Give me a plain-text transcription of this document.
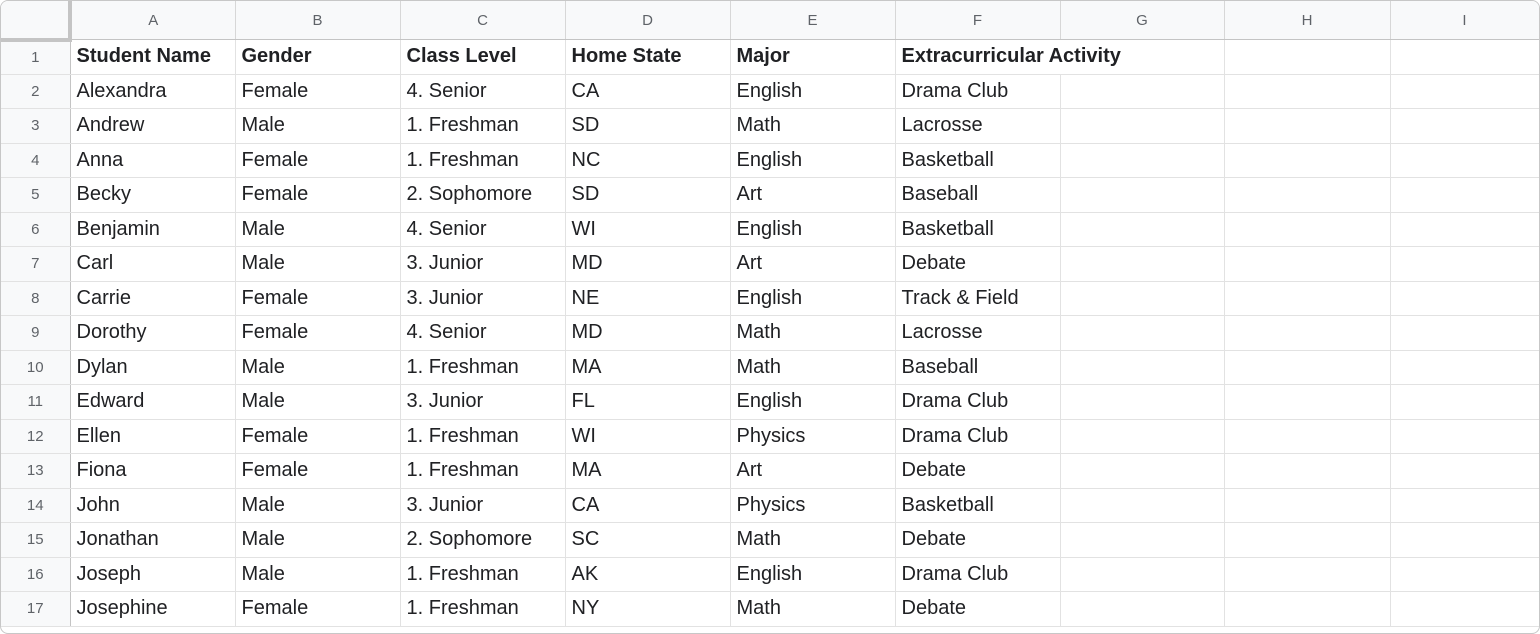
	A	B	C	D	E	F	G	H	I
1	Student Name	Gender	Class Level	Home State	Major	Extracurricular Activity			
2	Alexandra	Female	4. Senior	CA	English	Drama Club			
3	Andrew	Male	1. Freshman	SD	Math	Lacrosse			
4	Anna	Female	1. Freshman	NC	English	Basketball			
5	Becky	Female	2. Sophomore	SD	Art	Baseball			
6	Benjamin	Male	4. Senior	WI	English	Basketball			
7	Carl	Male	3. Junior	MD	Art	Debate			
8	Carrie	Female	3. Junior	NE	English	Track & Field			
9	Dorothy	Female	4. Senior	MD	Math	Lacrosse			
10	Dylan	Male	1. Freshman	MA	Math	Baseball			
11	Edward	Male	3. Junior	FL	English	Drama Club			
12	Ellen	Female	1. Freshman	WI	Physics	Drama Club			
13	Fiona	Female	1. Freshman	MA	Art	Debate			
14	John	Male	3. Junior	CA	Physics	Basketball			
15	Jonathan	Male	2. Sophomore	SC	Math	Debate			
16	Joseph	Male	1. Freshman	AK	English	Drama Club			
17	Josephine	Female	1. Freshman	NY	Math	Debate			
